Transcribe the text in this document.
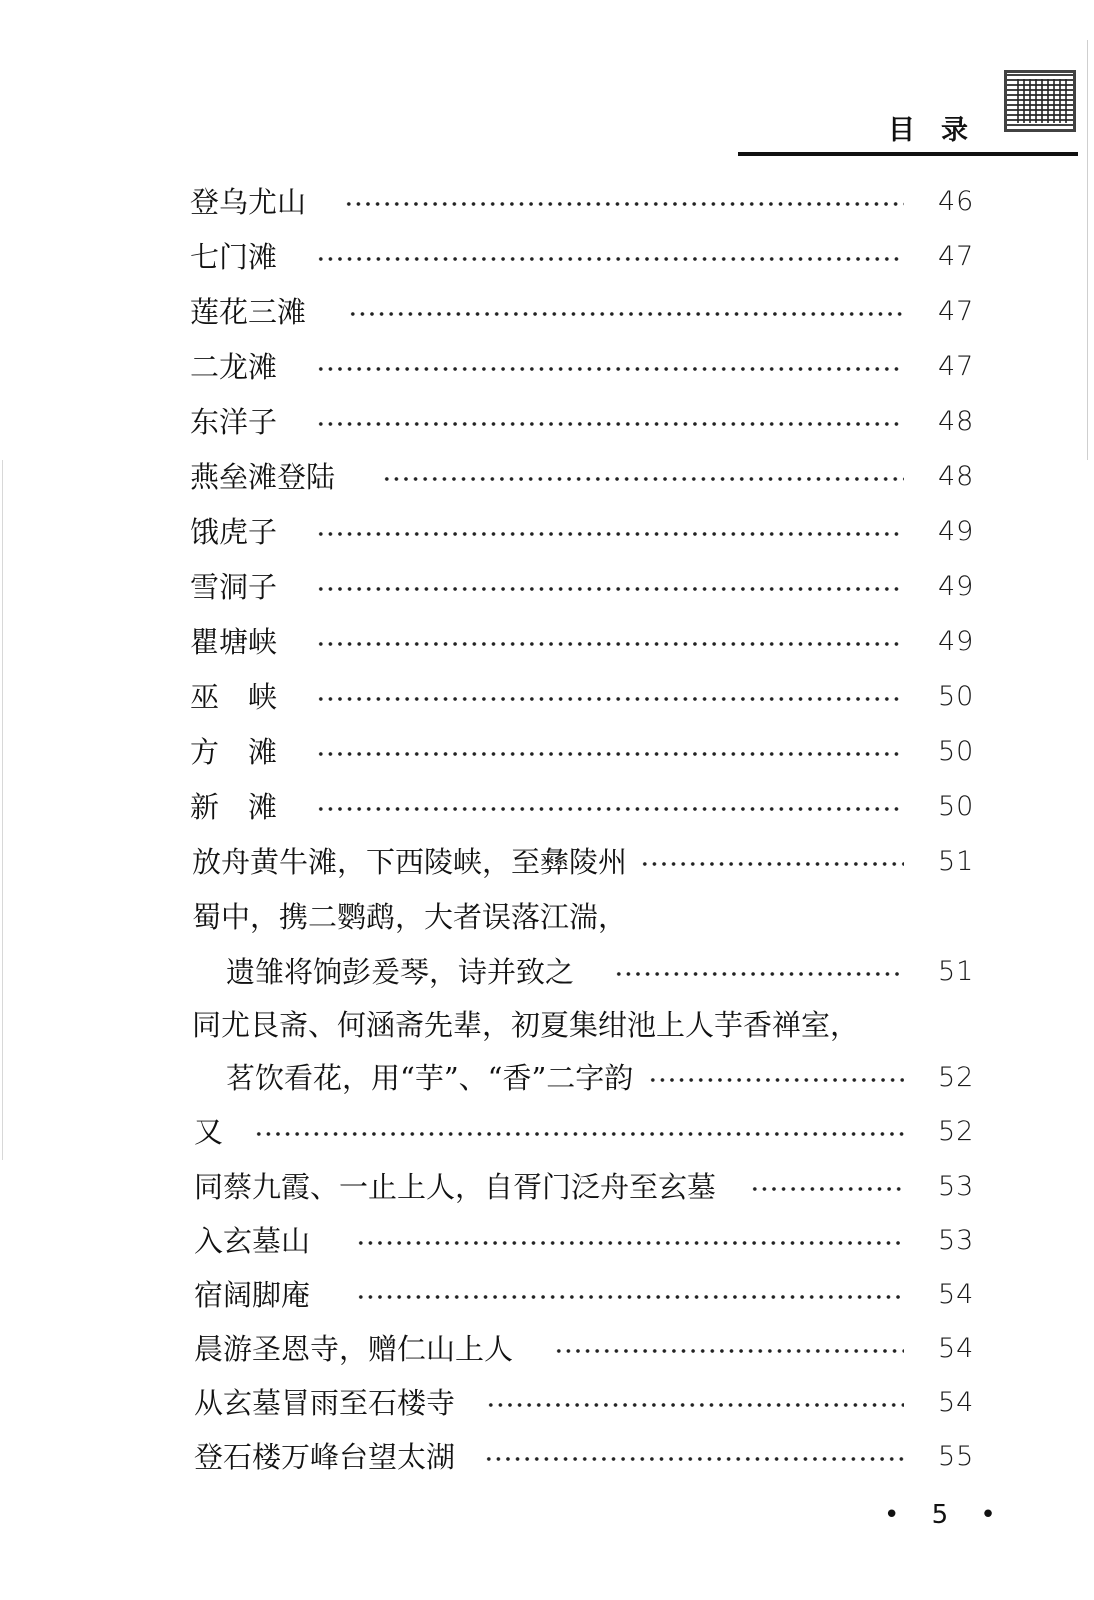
目录
登乌尤山	46
七门滩	47
莲花三滩	47
二龙滩	47
东洋子	48
燕垒滩登陆	48
饿虎子	49
雪洞子	49
瞿塘峡	49
巫　峡	50
方　滩	50
新　滩	50
放舟黄牛滩，下西陵峡，至彝陵州	51
蜀中，携二鹦鹉，大者误落江湍，
遗雏将饷彭爰琴，诗并致之	51
同尤艮斋、何涵斋先辈，初夏集绀池上人芋香禅室，
茗饮看花，用“芋”、“香”二字韵	52
又	52
同蔡九霞、一止上人，自胥门泛舟至玄墓	53
入玄墓山	53
宿阔脚庵	54
晨游圣恩寺，赠仁山上人	54
从玄墓冒雨至石楼寺	54
登石楼万峰台望太湖	55
• 5 •
